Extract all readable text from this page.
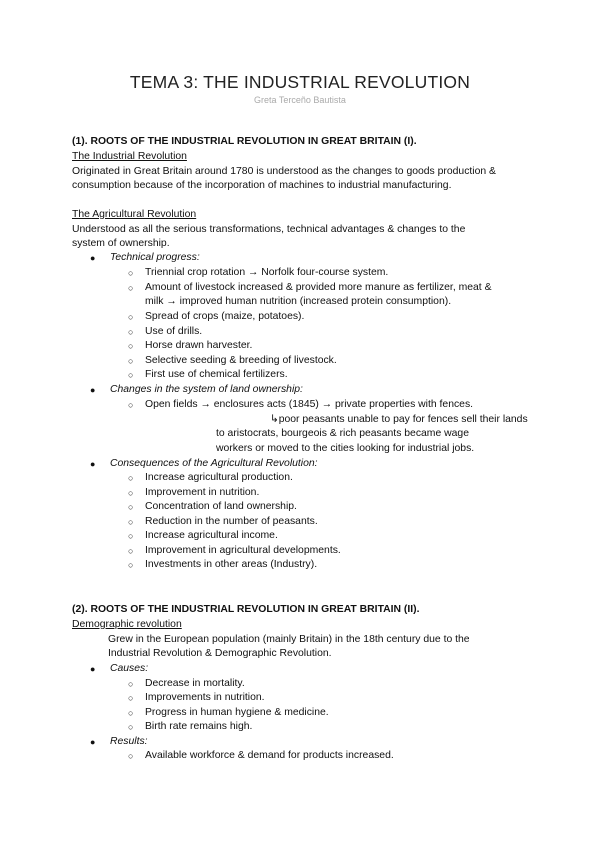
TEMA 3: THE INDUSTRIAL REVOLUTION
Greta Terceño Bautista
(1). ROOTS OF THE INDUSTRIAL REVOLUTION IN GREAT BRITAIN (I).
The Industrial Revolution
Originated in Great Britain around 1780 is understood as the changes to goods production &
consumption because of the incorporation of machines to industrial manufacturing.
The Agricultural Revolution
Understood as all the serious transformations, technical advantages & changes to the
system of ownership.
● Technical progress:
○ Triennial crop rotation → Norfolk four-course system.
○ Amount of livestock increased & provided more manure as fertilizer, meat &
milk → improved human nutrition (increased protein consumption).
○ Spread of crops (maize, potatoes).
○ Use of drills.
○ Horse drawn harvester.
○ Selective seeding & breeding of livestock.
○ First use of chemical fertilizers.
● Changes in the system of land ownership:
○ Open fields → enclosures acts (1845) → private properties with fences.
↳poor peasants unable to pay for fences sell their lands
to aristocrats, bourgeois & rich peasants became wage
workers or moved to the cities looking for industrial jobs.
● Consequences of the Agricultural Revolution:
○ Increase agricultural production.
○ Improvement in nutrition.
○ Concentration of land ownership.
○ Reduction in the number of peasants.
○ Increase agricultural income.
○ Improvement in agricultural developments.
○ Investments in other areas (Industry).
(2). ROOTS OF THE INDUSTRIAL REVOLUTION IN GREAT BRITAIN (II).
Demographic revolution
Grew in the European population (mainly Britain) in the 18th century due to the
Industrial Revolution & Demographic Revolution.
● Causes:
○ Decrease in mortality.
○ Improvements in nutrition.
○ Progress in human hygiene & medicine.
○ Birth rate remains high.
● Results:
○ Available workforce & demand for products increased.
